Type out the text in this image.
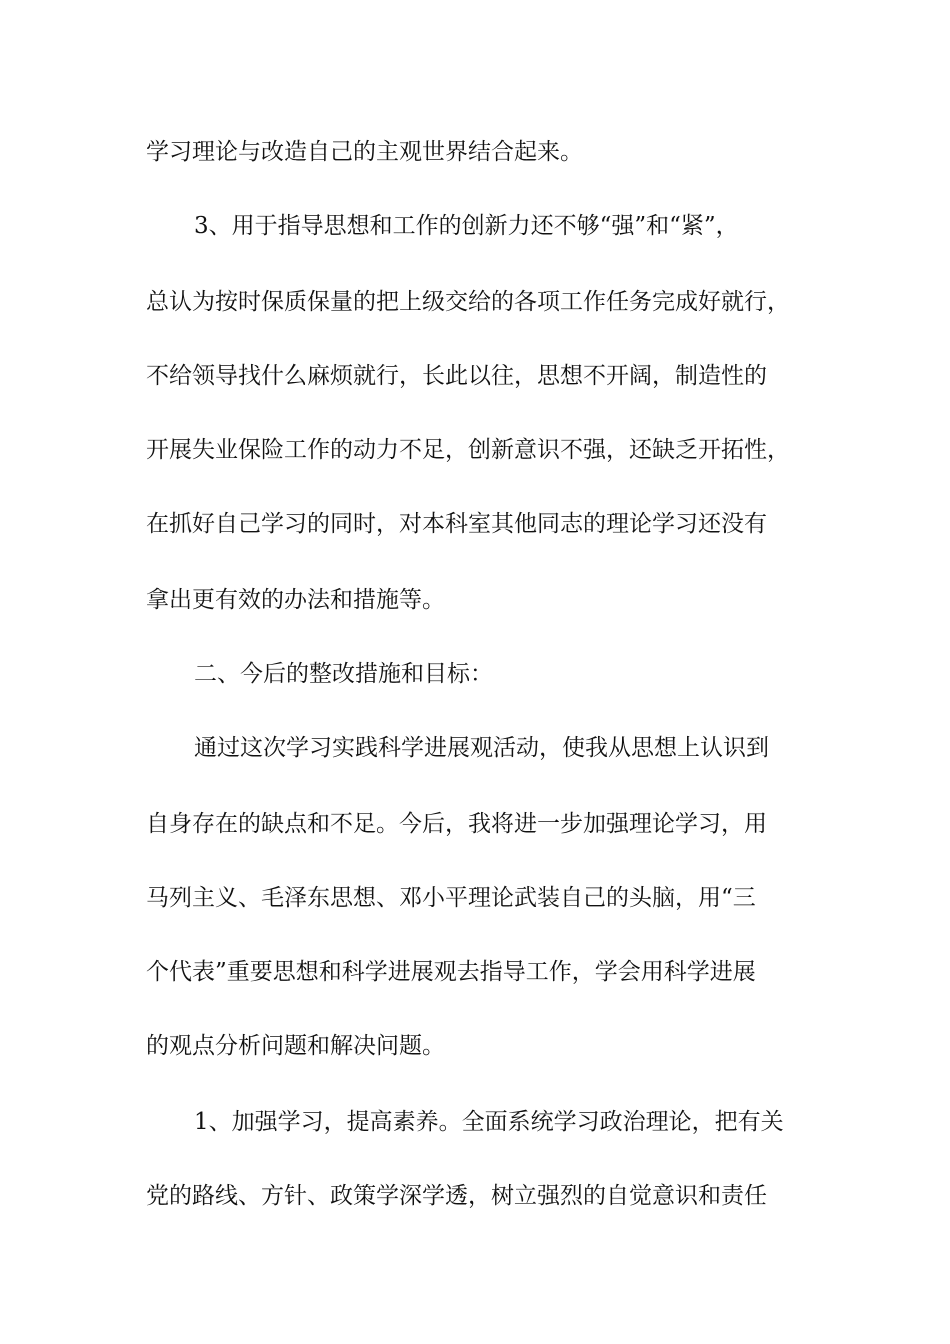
学习理论与改造自己的主观世界结合起来。
3、用于指导思想和工作的创新力还不够“强”和“紧”，
总认为按时保质保量的把上级交给的各项工作任务完成好就行，
不给领导找什么麻烦就行，长此以往，思想不开阔，制造性的
开展失业保险工作的动力不足，创新意识不强，还缺乏开拓性，
在抓好自己学习的同时，对本科室其他同志的理论学习还没有
拿出更有效的办法和措施等。
二、今后的整改措施和目标：
通过这次学习实践科学进展观活动，使我从思想上认识到
自身存在的缺点和不足。今后，我将进一步加强理论学习，用
马列主义、毛泽东思想、邓小平理论武装自己的头脑，用“三
个代表”重要思想和科学进展观去指导工作，学会用科学进展
的观点分析问题和解决问题。
1、加强学习，提高素养。全面系统学习政治理论，把有关
党的路线、方针、政策学深学透，树立强烈的自觉意识和责任
